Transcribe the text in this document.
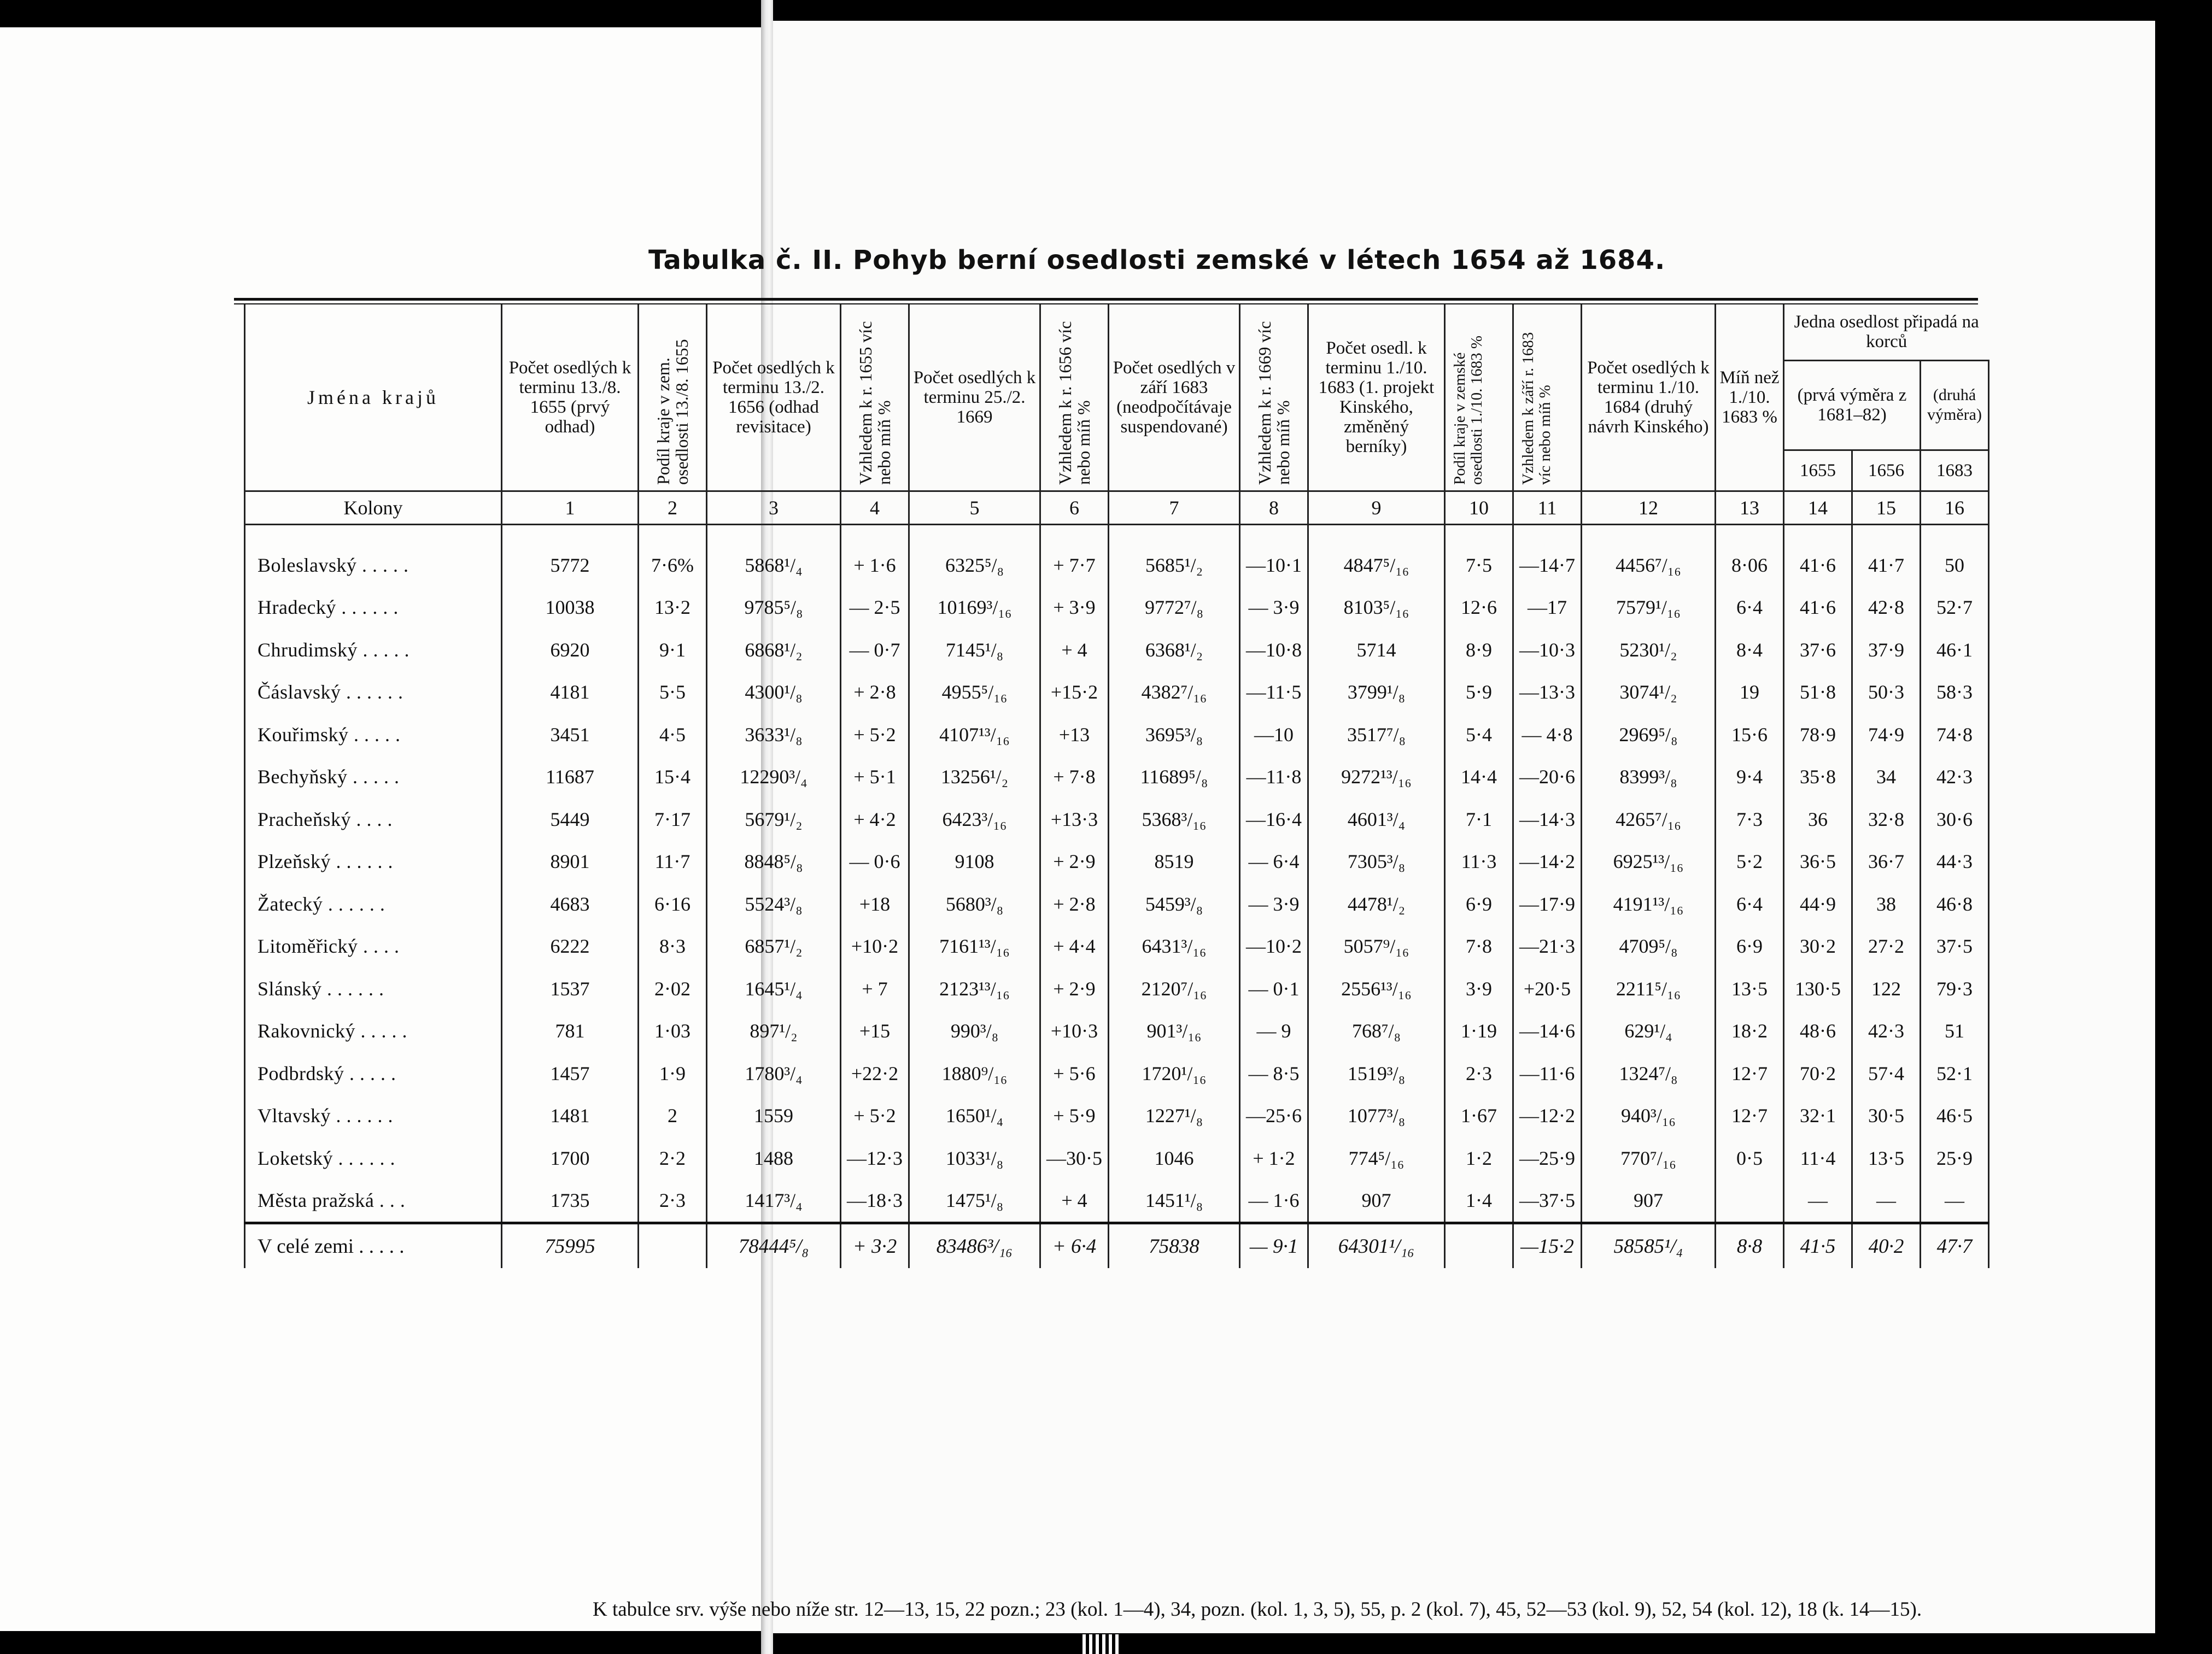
Tabulka č. II. Pohyb berní osedlosti zemské v létech 1654 až 1684.
Jména krajů	Počet osedlých k terminu 13./8. 1655 (prvý odhad)	Podíl kraje v zem. osedlosti 13./8. 1655	Počet osedlých k terminu 13./2. 1656 (odhad revisitace)	Vzhledem k r. 1655 víc nebo míň %	Počet osedlých k terminu 25./2. 1669	Vzhledem k r. 1656 víc nebo míň %	Počet osedlých v září 1683 (neodpočítávaje suspendované)	Vzhledem k r. 1669 víc nebo míň %	Počet osedl. k terminu 1./10. 1683 (1. projekt Kinského, změněný berníky)	Podíl kraje v zemské osedlosti 1./10. 1683 %	Vzhledem k září r. 1683 víc nebo míň %	Počet osedlých k terminu 1./10. 1684 (druhý návrh Kinského)	Míň než 1./10. 1683 %	Jedna osedlost připadá na korců			
														(prvá výměra z 1681–82)		(druhá výměra)	
														1655	1656	1683	
Kolony	1	2	3	4	5	6	7	8	9	10	11	12	13	14	15	16	

Boleslavský . . . . .	5772	7·6%	5868¹/₄	+ 1·6	6325⁵/₈	+ 7·7	5685¹/₂	—10·1	4847⁵/₁₆	7·5	—14·7	4456⁷/₁₆	8·06	41·6	41·7	50	
Hradecký . . . . . .	10038	13·2	9785⁵/₈	— 2·5	10169³/₁₆	+ 3·9	9772⁷/₈	— 3·9	8103⁵/₁₆	12·6	—17	7579¹/₁₆	6·4	41·6	42·8	52·7	
Chrudimský . . . . .	6920	9·1	6868¹/₂	— 0·7	7145¹/₈	+ 4	6368¹/₂	—10·8	5714	8·9	—10·3	5230¹/₂	8·4	37·6	37·9	46·1	
Čáslavský . . . . . .	4181	5·5	4300¹/₈	+ 2·8	4955⁵/₁₆	+15·2	4382⁷/₁₆	—11·5	3799¹/₈	5·9	—13·3	3074¹/₂	19	51·8	50·3	58·3	
Kouřimský . . . . .	3451	4·5	3633¹/₈	+ 5·2	4107¹³/₁₆	+13	3695³/₈	—10	3517⁷/₈	5·4	— 4·8	2969⁵/₈	15·6	78·9	74·9	74·8	
Bechyňský . . . . .	11687	15·4	12290³/₄	+ 5·1	13256¹/₂	+ 7·8	11689⁵/₈	—11·8	9272¹³/₁₆	14·4	—20·6	8399³/₈	9·4	35·8	34	42·3	
Pracheňský . . . .	5449	7·17	5679¹/₂	+ 4·2	6423³/₁₆	+13·3	5368³/₁₆	—16·4	4601³/₄	7·1	—14·3	4265⁷/₁₆	7·3	36	32·8	30·6	
Plzeňský . . . . . .	8901	11·7	8848⁵/₈	— 0·6	9108	+ 2·9	8519	— 6·4	7305³/₈	11·3	—14·2	6925¹³/₁₆	5·2	36·5	36·7	44·3	
Žatecký . . . . . .	4683	6·16	5524³/₈	+18	5680³/₈	+ 2·8	5459³/₈	— 3·9	4478¹/₂	6·9	—17·9	4191¹³/₁₆	6·4	44·9	38	46·8	
Litoměřický . . . .	6222	8·3	6857¹/₂	+10·2	7161¹³/₁₆	+ 4·4	6431³/₁₆	—10·2	5057⁹/₁₆	7·8	—21·3	4709⁵/₈	6·9	30·2	27·2	37·5	
Slánský . . . . . .	1537	2·02	1645¹/₄	+ 7	2123¹³/₁₆	+ 2·9	2120⁷/₁₆	— 0·1	2556¹³/₁₆	3·9	+20·5	2211⁵/₁₆	13·5	130·5	122	79·3	
Rakovnický . . . . .	781	1·03	897¹/₂	+15	990³/₈	+10·3	901³/₁₆	— 9	768⁷/₈	1·19	—14·6	629¹/₄	18·2	48·6	42·3	51	
Podbrdský . . . . .	1457	1·9	1780³/₄	+22·2	1880⁹/₁₆	+ 5·6	1720¹/₁₆	— 8·5	1519³/₈	2·3	—11·6	1324⁷/₈	12·7	70·2	57·4	52·1	
Vltavský . . . . . .	1481	2	1559	+ 5·2	1650¹/₄	+ 5·9	1227¹/₈	—25·6	1077³/₈	1·67	—12·2	940³/₁₆	12·7	32·1	30·5	46·5	
Loketský . . . . . .	1700	2·2	1488	—12·3	1033¹/₈	—30·5	1046	+ 1·2	774⁵/₁₆	1·2	—25·9	770⁷/₁₆	0·5	11·4	13·5	25·9	
Města pražská . . .	1735	2·3	1417³/₄	—18·3	1475¹/₈	+ 4	1451¹/₈	— 1·6	907	1·4	—37·5	907		—	—	—	
V celé zemi . . . . .	75995		78444⁵/₈	+ 3·2	83486³/₁₆	+ 6·4	75838	— 9·1	64301¹/₁₆		—15·2	58585¹/₄	8·8	41·5	40·2	47·7	
K tabulce srv. výše nebo níže str. 12—13, 15, 22 pozn.; 23 (kol. 1—4), 34, pozn. (kol. 1, 3, 5), 55, p. 2 (kol. 7), 45, 52—53 (kol. 9), 52, 54 (kol. 12), 18 (k. 14—15).
